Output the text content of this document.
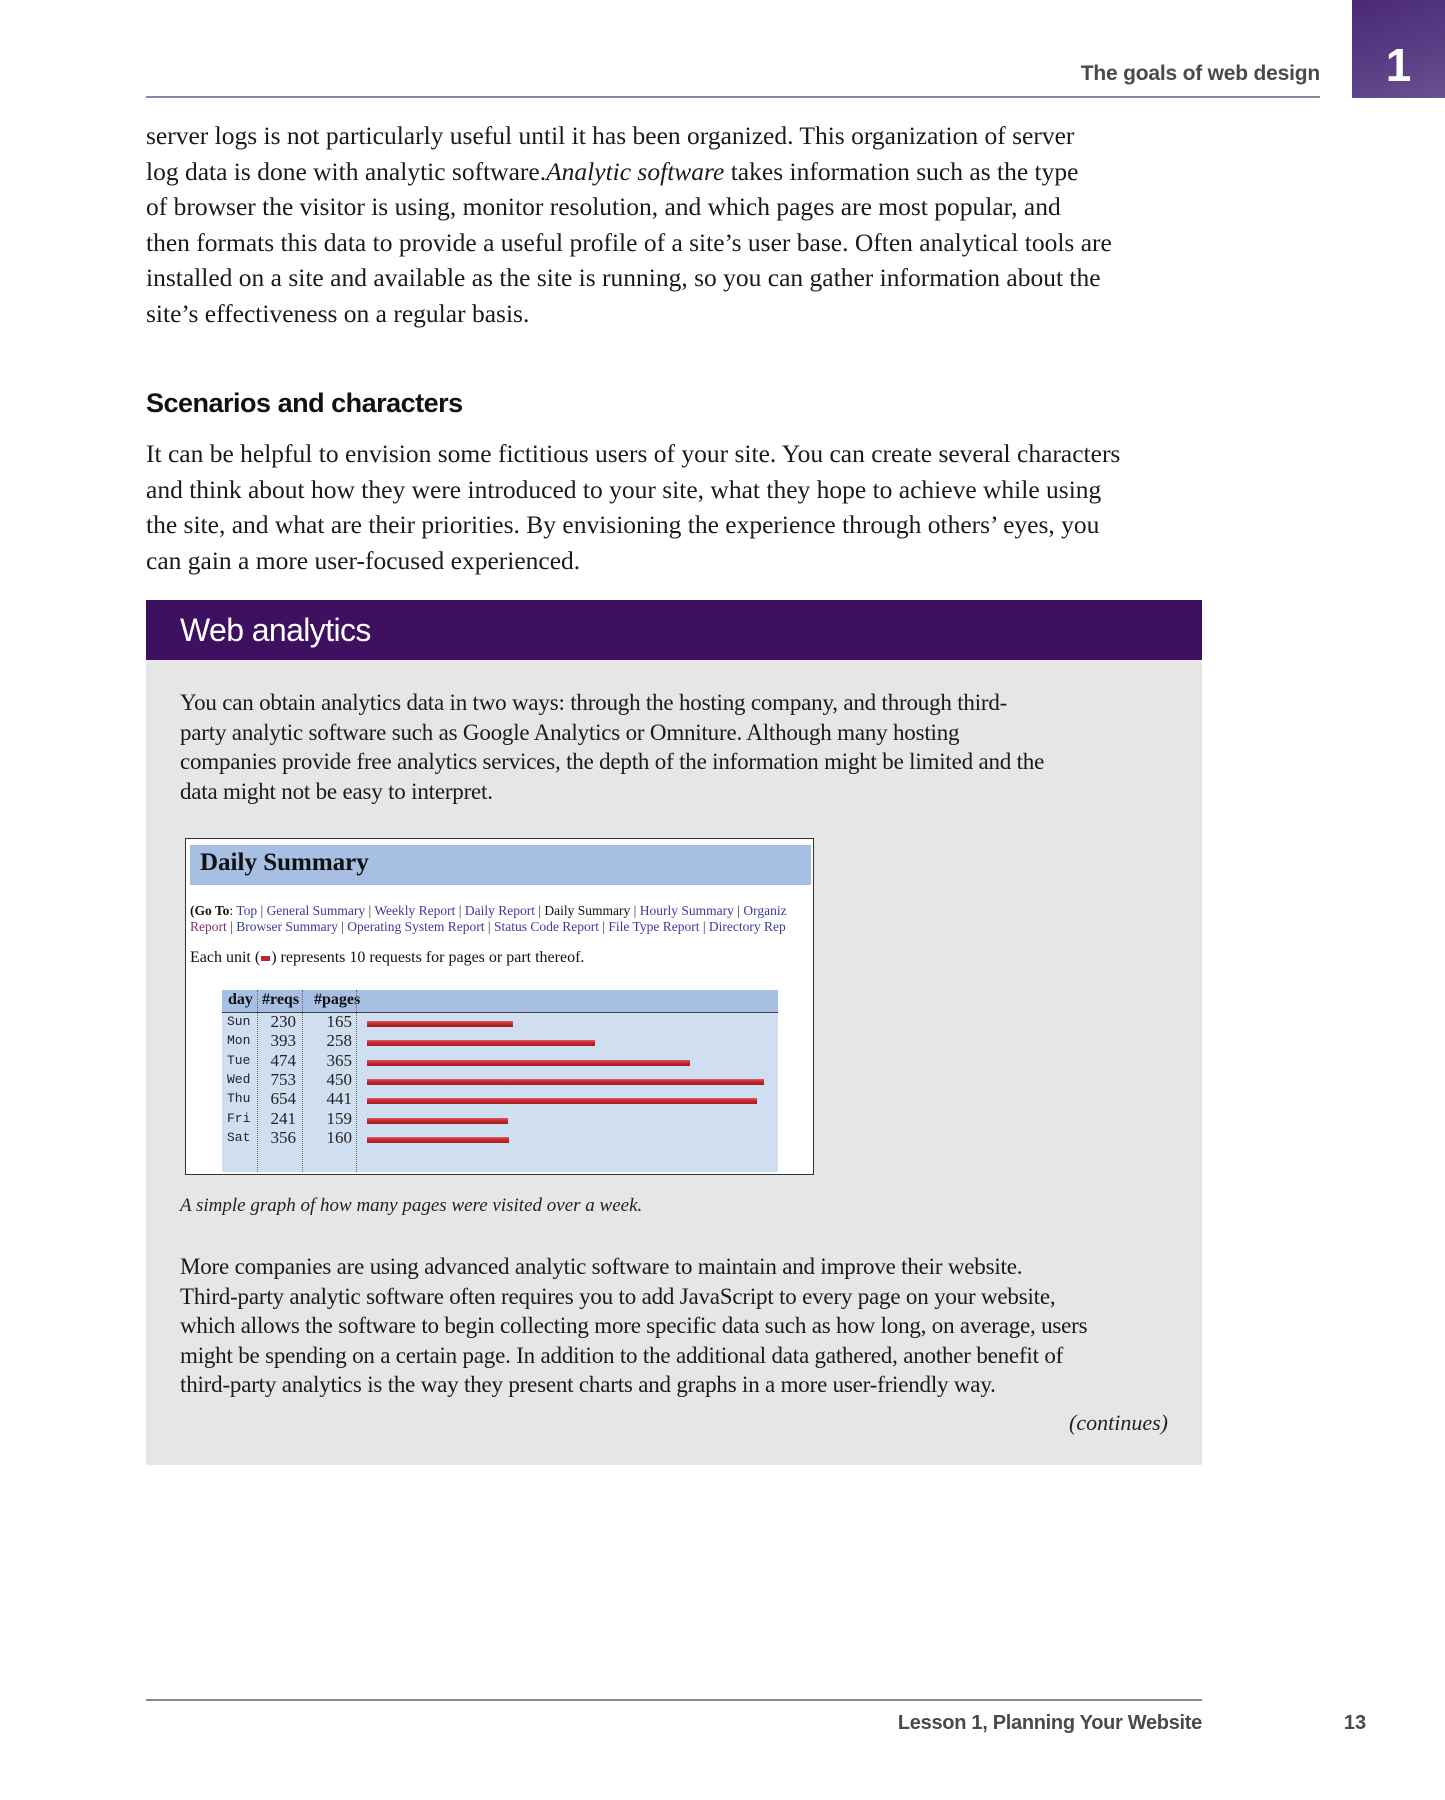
The goals of web design	1
server logs is not particularly useful until it has been organized. This organization of server
log data is done with analytic software.Analytic software takes information such as the type
of browser the visitor is using, monitor resolution, and which pages are most popular, and
then formats this data to provide a useful profile of a site’s user base. Often analytical tools are
installed on a site and available as the site is running, so you can gather information about the
site’s effectiveness on a regular basis.
Scenarios and characters
It can be helpful to envision some fictitious users of your site. You can create several characters
and think about how they were introduced to your site, what they hope to achieve while using
the site, and what are their priorities. By envisioning the experience through others’ eyes, you
can gain a more user-focused experienced.
Web analytics
You can obtain analytics data in two ways: through the hosting company, and through third-
party analytic software such as Google Analytics or Omniture. Although many hosting
companies provide free analytics services, the depth of the information might be limited and the
data might not be easy to interpret.
Daily Summary
(Go To: Top | General Summary | Weekly Report | Daily Report | Daily Summary | Hourly Summary | Organiz
Report | Browser Summary | Operating System Report | Status Code Report | File Type Report | Directory Rep
Each unit ( ) represents 10 requests for pages or part thereof.
day #reqs #pages
Sun	230	165
Mon	393	258
Tue	474	365
Wed	753	450
Thu	654	441
Fri	241	159
Sat	356	160
A simple graph of how many pages were visited over a week.
More companies are using advanced analytic software to maintain and improve their website.
Third-party analytic software often requires you to add JavaScript to every page on your website,
which allows the software to begin collecting more specific data such as how long, on average, users
might be spending on a certain page. In addition to the additional data gathered, another benefit of
third-party analytics is the way they present charts and graphs in a more user-friendly way.
(continues)
Lesson 1, Planning Your Website	13
